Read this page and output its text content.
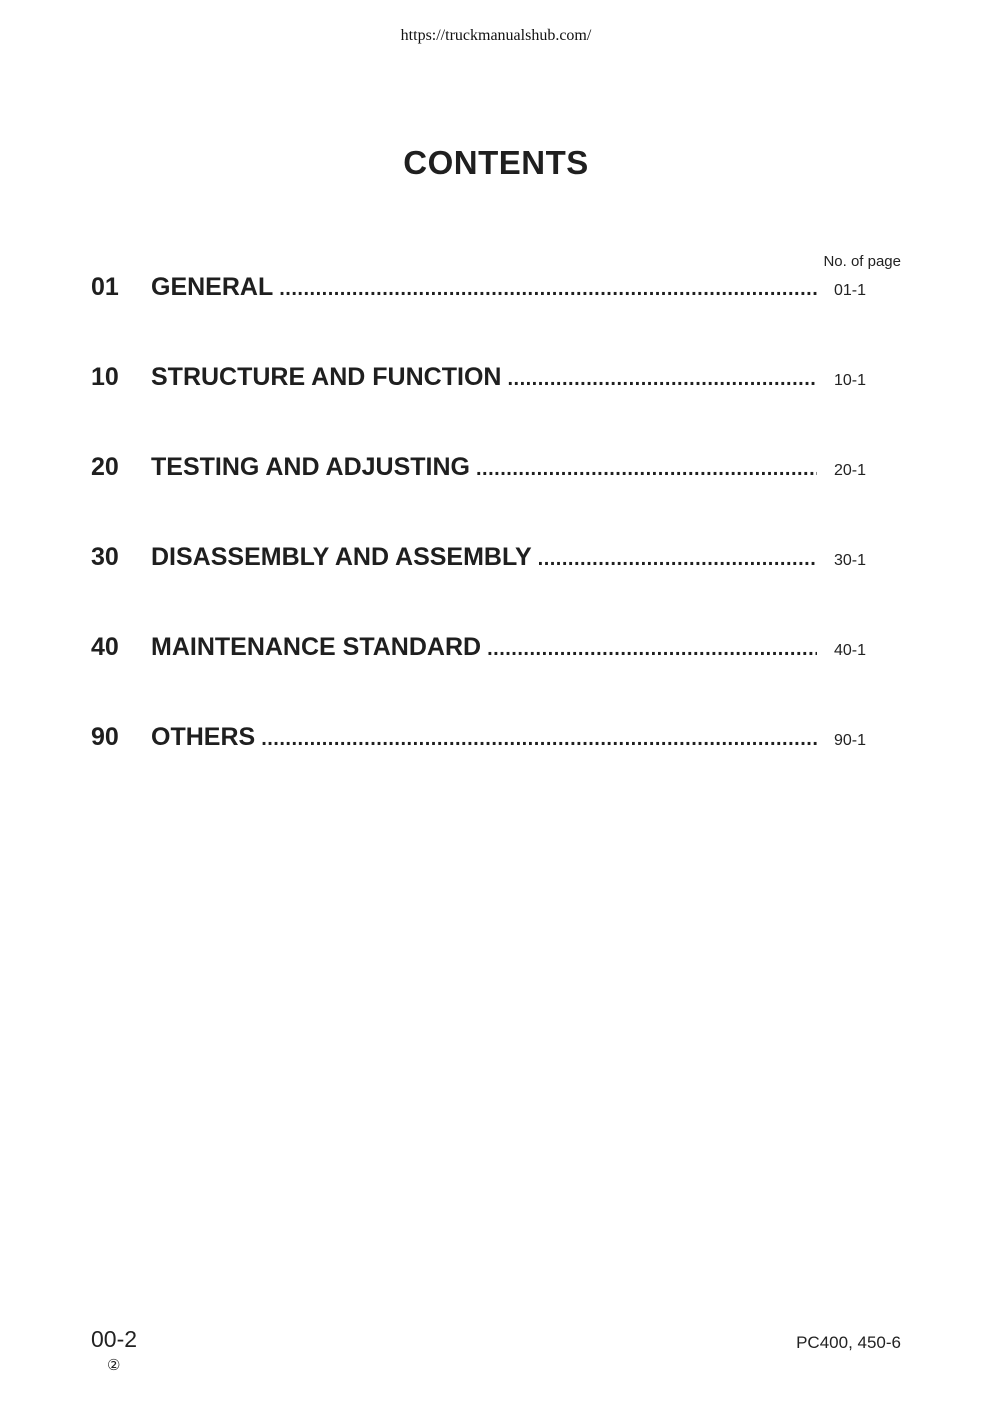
https://truckmanualshub.com/
CONTENTS
No. of page
01 GENERAL .....	01-1
10 STRUCTURE AND FUNCTION .....	10-1
20 TESTING AND ADJUSTING .....	20-1
30 DISASSEMBLY AND ASSEMBLY .....	30-1
40 MAINTENANCE STANDARD .....	40-1
90 OTHERS .....	90-1
00-2
②
PC400, 450-6
